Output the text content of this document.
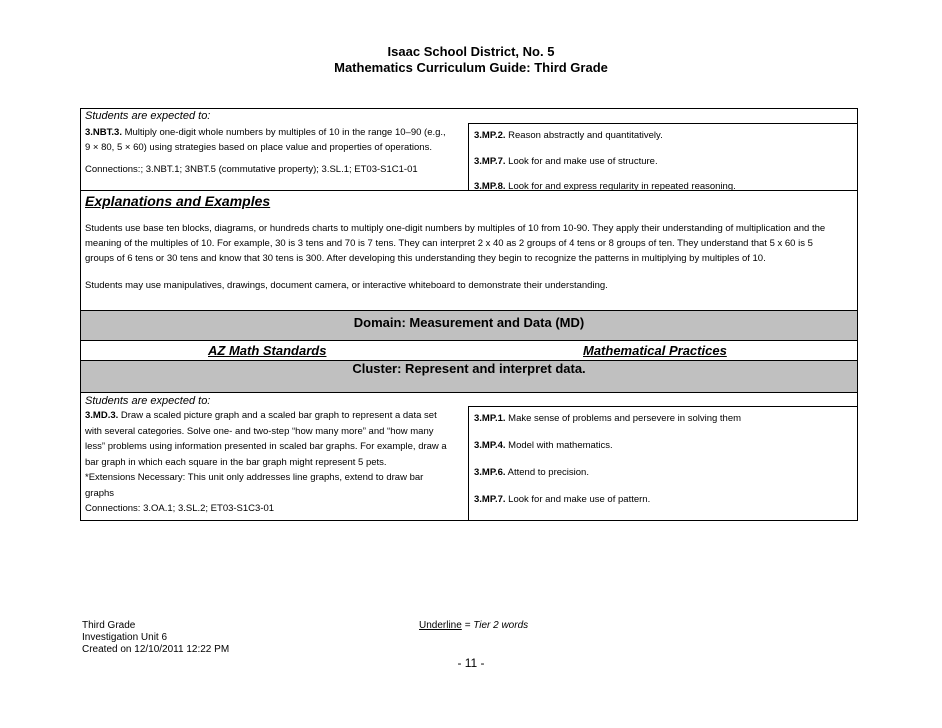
Isaac School District, No. 5
Mathematics Curriculum Guide: Third Grade
Students are expected to:
3.NBT.3. Multiply one-digit whole numbers by multiples of 10 in the range 10–90 (e.g.,
9 × 80, 5 × 60) using strategies based on place value and properties of operations.
Connections:; 3.NBT.1; 3NBT.5 (commutative property); 3.SL.1; ET03-S1C1-01
3.MP.2. Reason abstractly and quantitatively.
3.MP.7. Look for and make use of structure.
3.MP.8. Look for and express regularity in repeated reasoning.
Explanations and Examples
Students use base ten blocks, diagrams, or hundreds charts to multiply one-digit numbers by multiples of 10 from 10-90. They apply their understanding of multiplication and the
meaning of the multiples of 10. For example, 30 is 3 tens and 70 is 7 tens. They can interpret 2 x 40 as 2 groups of 4 tens or 8 groups of ten. They understand that 5 x 60 is 5
groups of 6 tens or 30 tens and know that 30 tens is 300. After developing this understanding they begin to recognize the patterns in multiplying by multiples of 10.
Students may use manipulatives, drawings, document camera, or interactive whiteboard to demonstrate their understanding.
Domain: Measurement and Data (MD)
AZ Math Standards	Mathematical Practices
Cluster: Represent and interpret data.
Students are expected to:
3.MD.3. Draw a scaled picture graph and a scaled bar graph to represent a data set
with several categories. Solve one- and two-step “how many more” and “how many
less” problems using information presented in scaled bar graphs. For example, draw a
bar graph in which each square in the bar graph might represent 5 pets.
*Extensions Necessary: This unit only addresses line graphs, extend to draw bar
graphs
Connections: 3.OA.1; 3.SL.2; ET03-S1C3-01
3.MP.1. Make sense of problems and persevere in solving them
3.MP.4. Model with mathematics.
3.MP.6. Attend to precision.
3.MP.7. Look for and make use of pattern.
Third Grade
Investigation Unit 6
Created on 12/10/2011 12:22 PM
Underline = Tier 2 words
- 11 -
